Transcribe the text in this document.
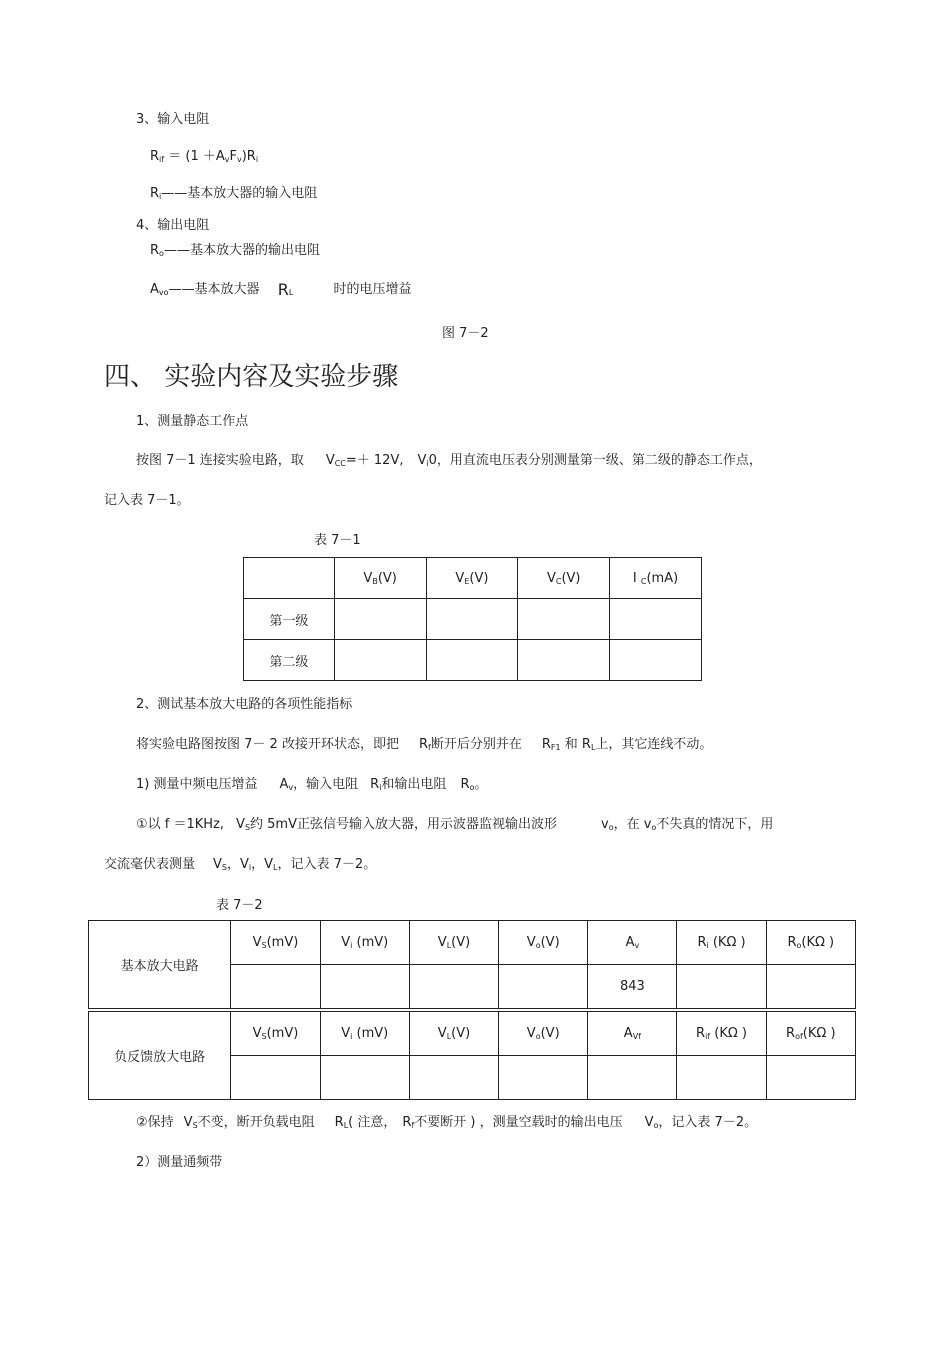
3、输入电阻
$R_{if} = (1 +A_vF_v)R_i$
$R_i——$基本放大器的输入电阻
4、输出电阻
$R_o——$基本放大器的输出电阻
$A_{vo}——$基本放大器 $R_L$	时的电压增益
图 7－2
四、 实验内容及实验步骤
1、测量静态工作点
按图 7－1 连接实验电路，取 $V_{CC}=+ 12V$, $V_i0$，用直流电压表分别测量第一级、第二级的静态工作点，
记入表 7－1。
表 7－1
	$V_B(V)$	$V_E(V)$	$V_C(V)$	I $_C$(mA)
第一级				
第二级				
2、测试基本放大电路的各项性能指标
将实验电路图按图 7－ 2 改接开环状态，即把 $R_f$断开后分别并在 $R_{F1}$ 和 $R_L$上，其它连线不动。
1) 测量中频电压增益 $A_v$，输入电阻 $R_i$和输出电阻 $R_o$。
①以 f ＝1KHz, $V_S$约 5mV正弦信号输入放大器，用示波器监视输出波形	$v_o$，在 $v_o$不失真的情况下，用
交流毫伏表测量 $V_S$，$V_i$，$V_L$，记入表 7－2。
表 7－2
基本放大电路	$V_S(mV)$	$V_i$ (mV)	$V_L(V)$	$V_o(V)$	$A_v$	$R_i$ (KΩ )	$R_o(K\Omega$ )
					843		
负反馈放大电路	$V_S(mV)$	$V_i$ (mV)	$V_L(V)$	$V_o(V)$	$A_{Vf}$	$R_{if}$ (KΩ )	$R_{of}(K\Omega$ )

②保持 $V_S$不变，断开负载电阻 $R_L$( 注意， $R_f$不要断开 ) ，测量空载时的输出电压 $V_o$，记入表 7－2。
2）测量通频带
